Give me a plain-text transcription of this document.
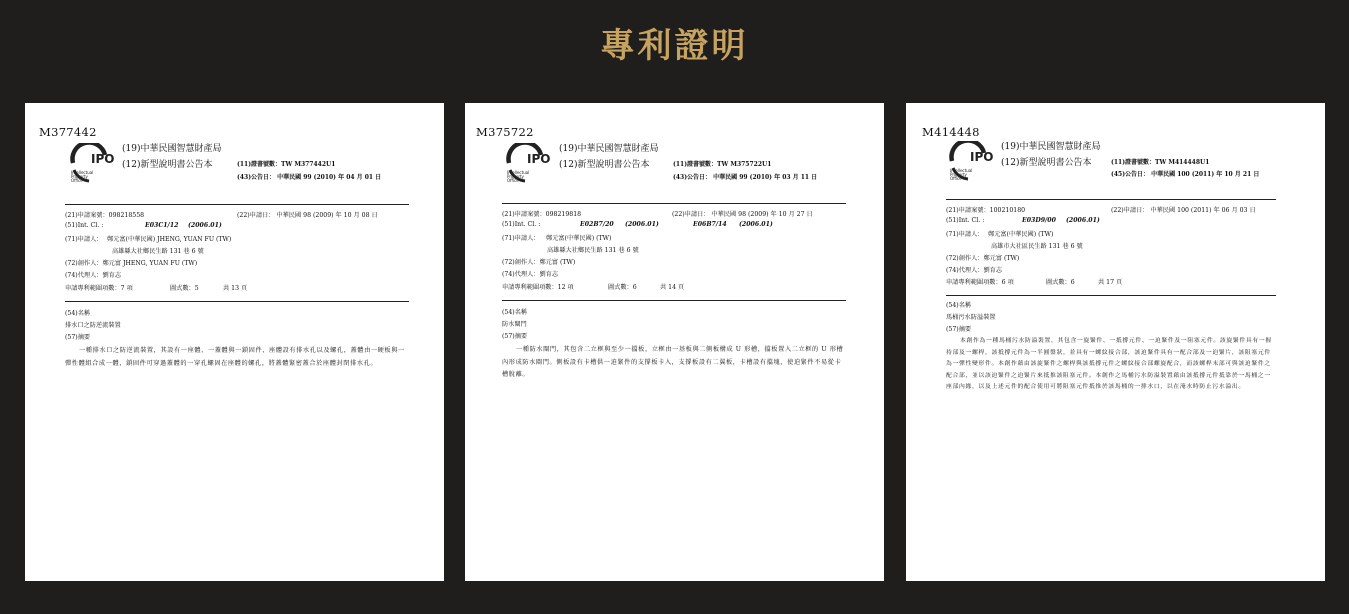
專利證明
M377442
IPO
Intellectual
Property
Office
(19)中華民國智慧財產局
(12)新型說明書公告本	(11)證書號數：TW M377442U1
(43)公告日： 中華民國 99 (2010) 年 04 月 01 日
(21)申請案號：098218558	(22)申請日： 中華民國 98 (2009) 年 10 月 08 日
(51)Int. Cl. :	E03C1/12 (2006.01)
(71)申請人： 鄭元富(中華民國) JHENG, YUAN FU (TW)
高雄縣大社鄉民生路 131 巷 6 號
(72)創作人：鄭元富 JHENG, YUAN FU (TW)
(74)代理人：劉育志
申請專利範圍項數：7 項	圖式數：5	共 13 頁
(54)名稱
排水口之防逆流裝置
(57)摘要
一種排水口之防逆流裝置，其設有一座體、一蓋體與一鎖固件，座體設有排水孔以及螺孔，蓋體由一硬板與一彈性體組合成一體，鎖固件可穿過蓋體的一穿孔螺固在座體的螺孔，將蓋體緊密蓋合於座體封閉排水孔。
M375722
IPO
Intellectual
Property
Office
(19)中華民國智慧財產局
(12)新型說明書公告本	(11)證書號數：TW M375722U1
(43)公告日： 中華民國 99 (2010) 年 03 月 11 日
(21)申請案號：098219818	(22)申請日： 中華民國 98 (2009) 年 10 月 27 日
(51)Int. Cl. :	E02B7/20 (2006.01)	E06B7/14 (2006.01)
(71)申請人： 鄭元富(中華民國) (TW)
高雄縣大社鄉民生路 131 巷 6 號
(72)創作人：鄭元富 (TW)
(74)代理人：劉育志
申請專利範圍項數：12 項	圖式數：6	共 14 頁
(54)名稱
防水閘門
(57)摘要
一種防水閘門，其包含二立框與至少一擋板，立框由一基板與二側板構成 U 形槽，擋板置入二立框的 U 形槽內形成防水閘門。側板設有卡槽供一迫緊件的支撐板卡入，支撐板設有二翼板，卡槽設有擋塊，使迫緊件不易從卡槽脫離。
M414448
IPO
Intellectual
Property
Office
(19)中華民國智慧財產局
(12)新型說明書公告本	(11)證書號數：TW M414448U1
(45)公告日： 中華民國 100 (2011) 年 10 月 21 日
(21)申請案號：100210180	(22)申請日： 中華民國 100 (2011) 年 06 月 03 日
(51)Int. Cl. :	E03D9/00 (2006.01)
(71)申請人： 鄭元富(中華民國) (TW)
高雄市大社區民生路 131 巷 6 號
(72)創作人：鄭元富 (TW)
(74)代理人：劉育志
申請專利範圍項數：6 項	圖式數：6	共 17 頁
(54)名稱
馬桶污水防溢裝置
(57)摘要
本創作為一種馬桶污水防溢裝置，其包含一旋緊件、一抵撐元件、一迫緊件及一阻塞元件。該旋緊件具有一握持部及一螺桿，該抵撐元件為一半圓盤狀，並具有一螺紋接合部，該迫緊件具有一配合部及一迫緊片，該阻塞元件為一彈性變形件。本創作藉由該旋緊件之螺桿與該抵撐元件之螺紋接合部螺旋配合，而該螺桿末部可與該迫緊件之配合部，並以該迫緊件之迫緊片來抵推該阻塞元件。本創作之馬桶污水防溢裝置藉由該抵撐元件抵靠於一馬桶之一座部內緣，以及上述元件的配合使用可將阻塞元件抵推於該馬桶的一排水口，以在淹水時防止污水溢出。
